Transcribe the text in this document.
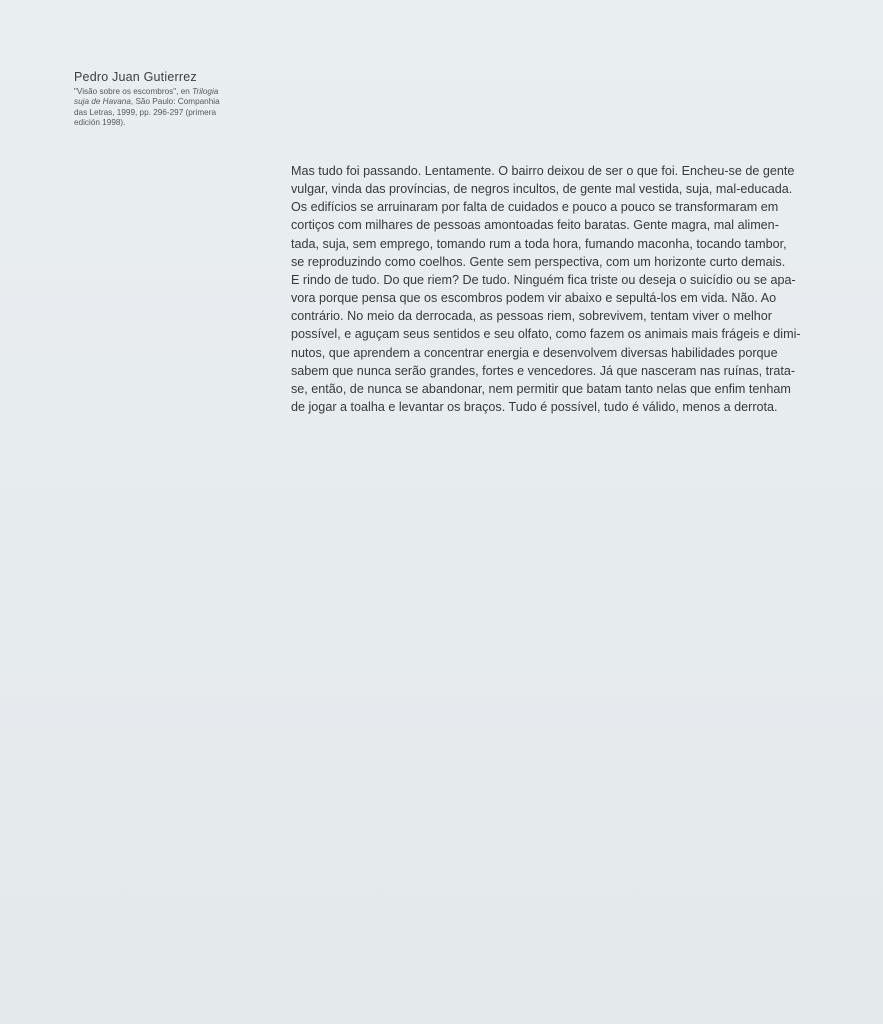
Pedro Juan Gutierrez

"Visão sobre os escombros", en Trilogia suja de Havana, São Paulo: Companhia das Letras, 1999, pp. 296-297 (primera edición 1998).

Mas tudo foi passando. Lentamente. O bairro deixou de ser o que foi. Encheu-se de gente
vulgar, vinda das províncias, de negros incultos, de gente mal vestida, suja, mal-educada.
Os edifícios se arruinaram por falta de cuidados e pouco a pouco se transformaram em
cortiços com milhares de pessoas amontoadas feito baratas. Gente magra, mal alimen-
tada, suja, sem emprego, tomando rum a toda hora, fumando maconha, tocando tambor,
se reproduzindo como coelhos. Gente sem perspectiva, com um horizonte curto demais.
E rindo de tudo. Do que riem? De tudo. Ninguém fica triste ou deseja o suicídio ou se apa-
vora porque pensa que os escombros podem vir abaixo e sepultá-los em vida. Não. Ao
contrário. No meio da derrocada, as pessoas riem, sobrevivem, tentam viver o melhor
possível, e aguçam seus sentidos e seu olfato, como fazem os animais mais frágeis e dimi-
nutos, que aprendem a concentrar energia e desenvolvem diversas habilidades porque
sabem que nunca serão grandes, fortes e vencedores. Já que nasceram nas ruínas, trata-
se, então, de nunca se abandonar, nem permitir que batam tanto nelas que enfim tenham
de jogar a toalha e levantar os braços. Tudo é possível, tudo é válido, menos a derrota.
